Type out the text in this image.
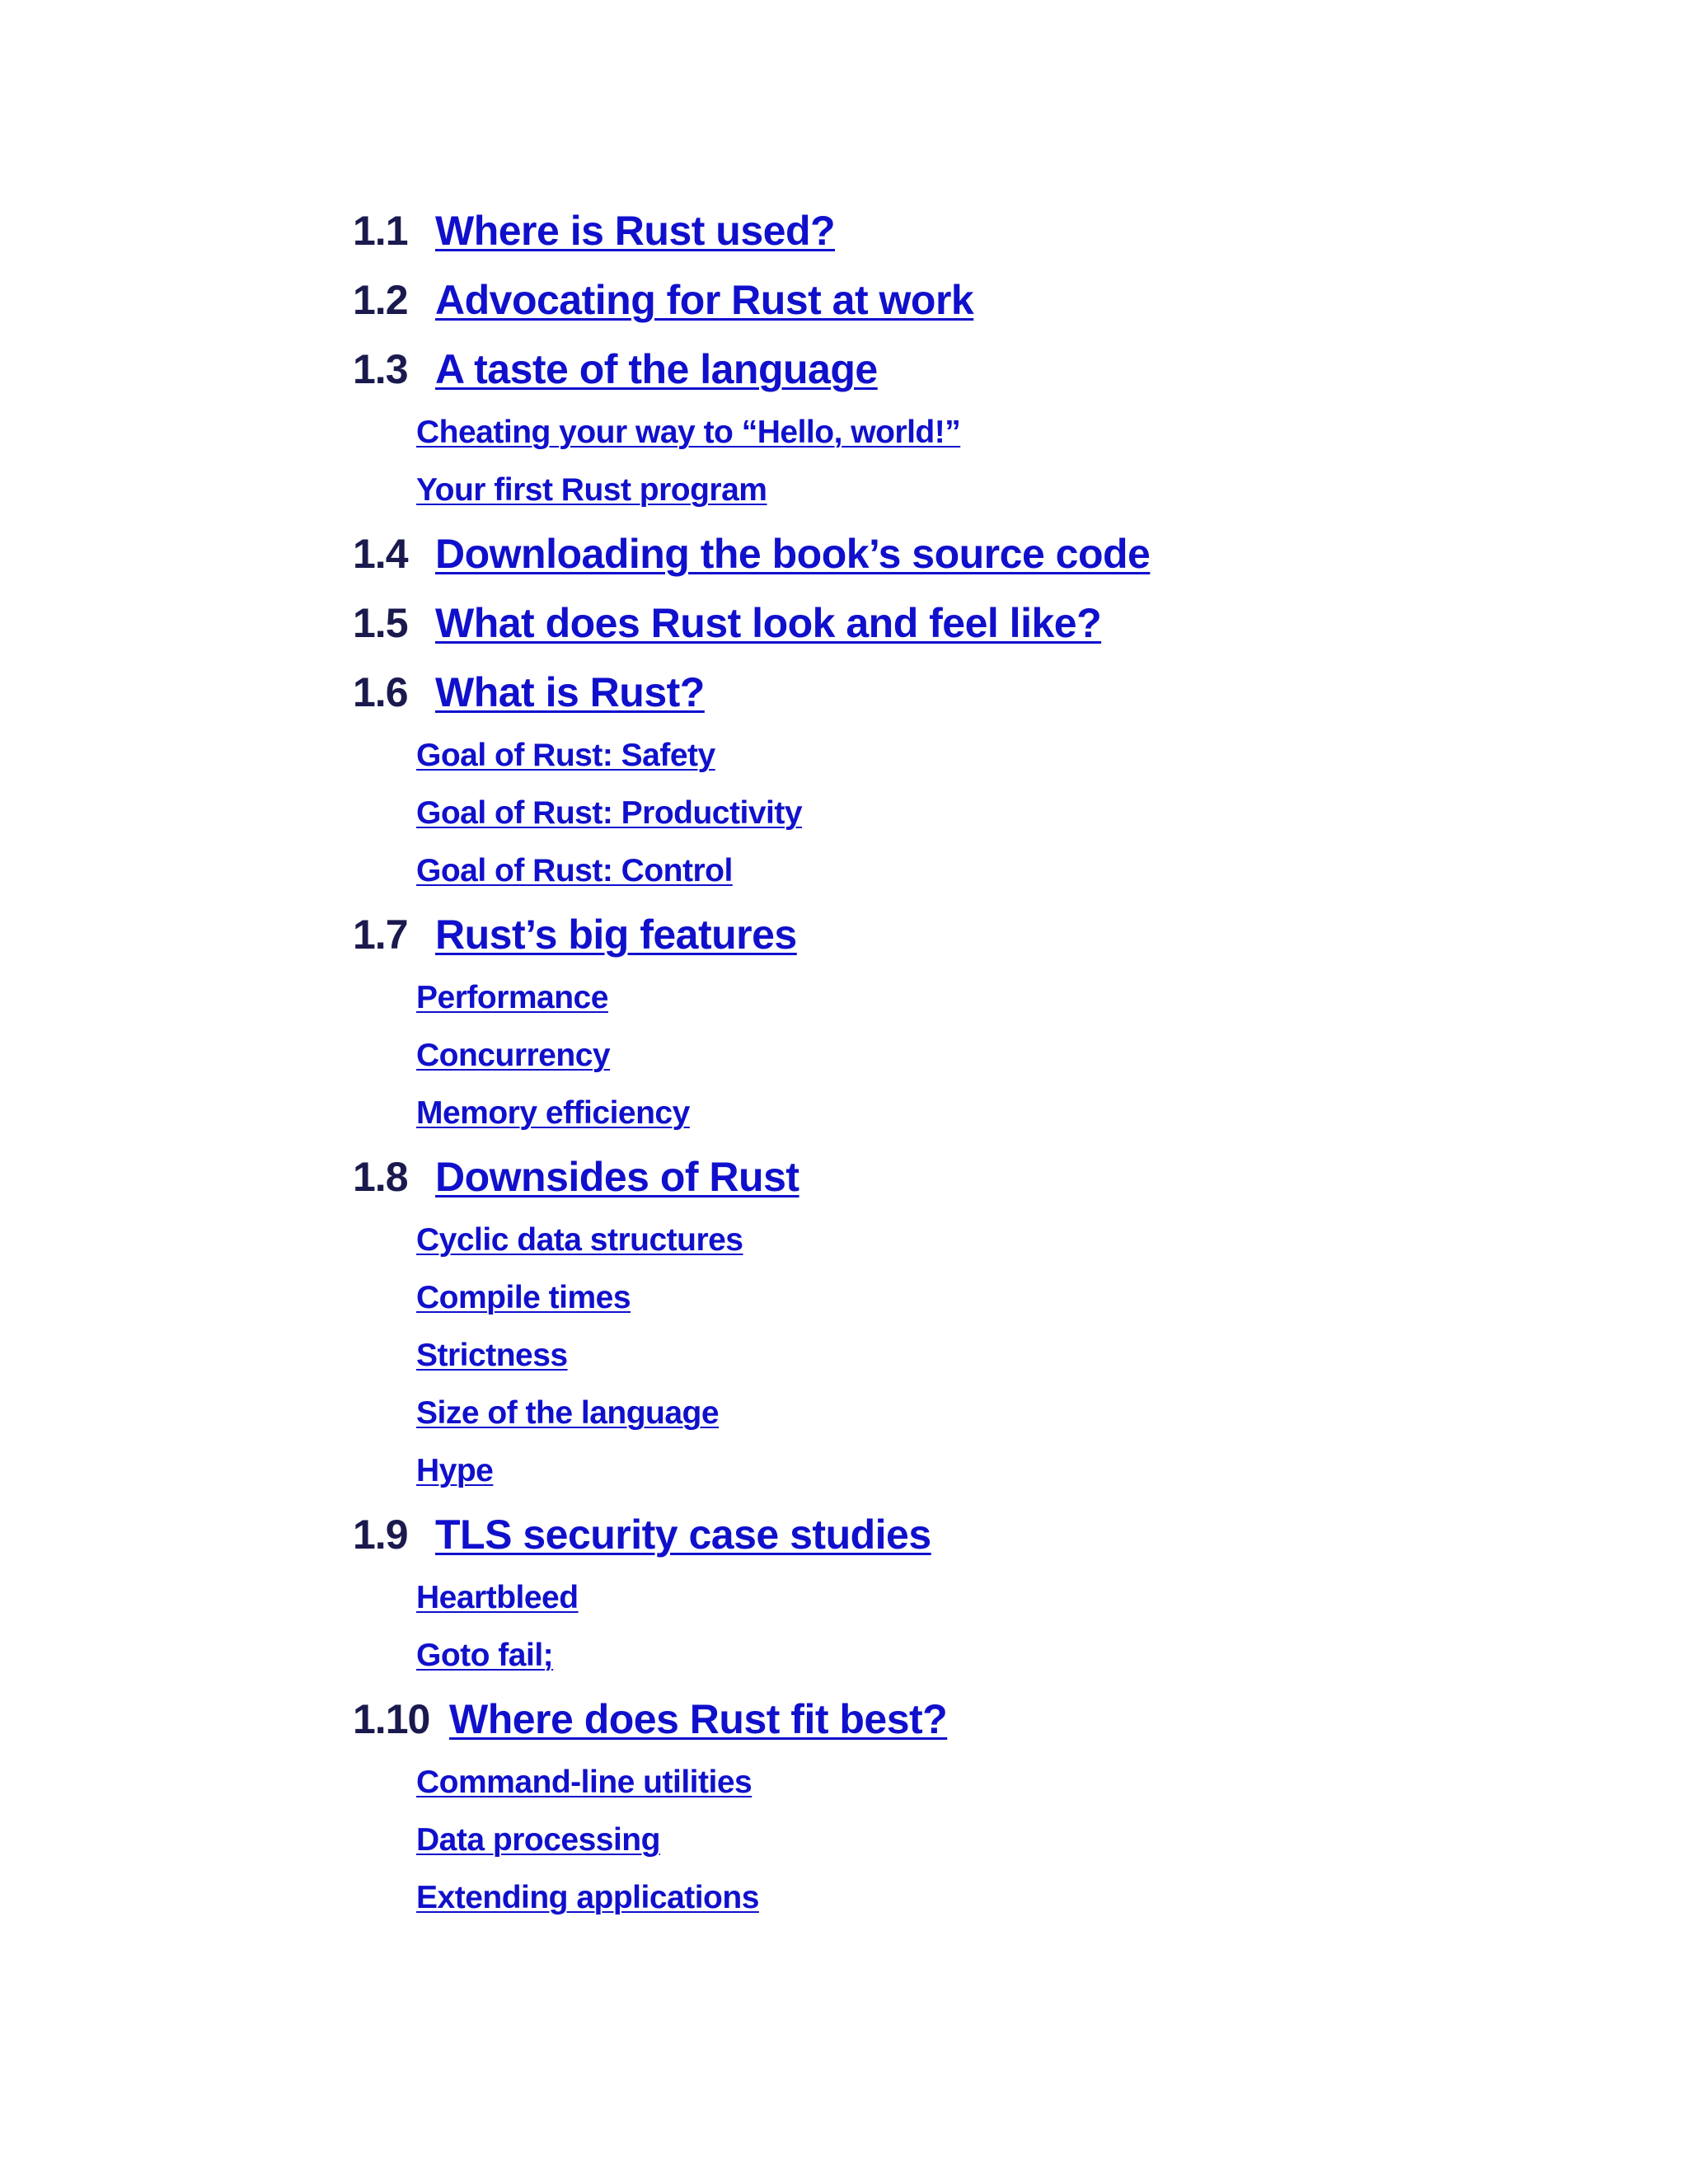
1.1 Where is Rust used?
1.2 Advocating for Rust at work
1.3 A taste of the language
Cheating your way to “Hello, world!”
Your first Rust program
1.4 Downloading the book’s source code
1.5 What does Rust look and feel like?
1.6 What is Rust?
Goal of Rust: Safety
Goal of Rust: Productivity
Goal of Rust: Control
1.7 Rust’s big features
Performance
Concurrency
Memory efficiency
1.8 Downsides of Rust
Cyclic data structures
Compile times
Strictness
Size of the language
Hype
1.9 TLS security case studies
Heartbleed
Goto fail;
1.10 Where does Rust fit best?
Command-line utilities
Data processing
Extending applications
